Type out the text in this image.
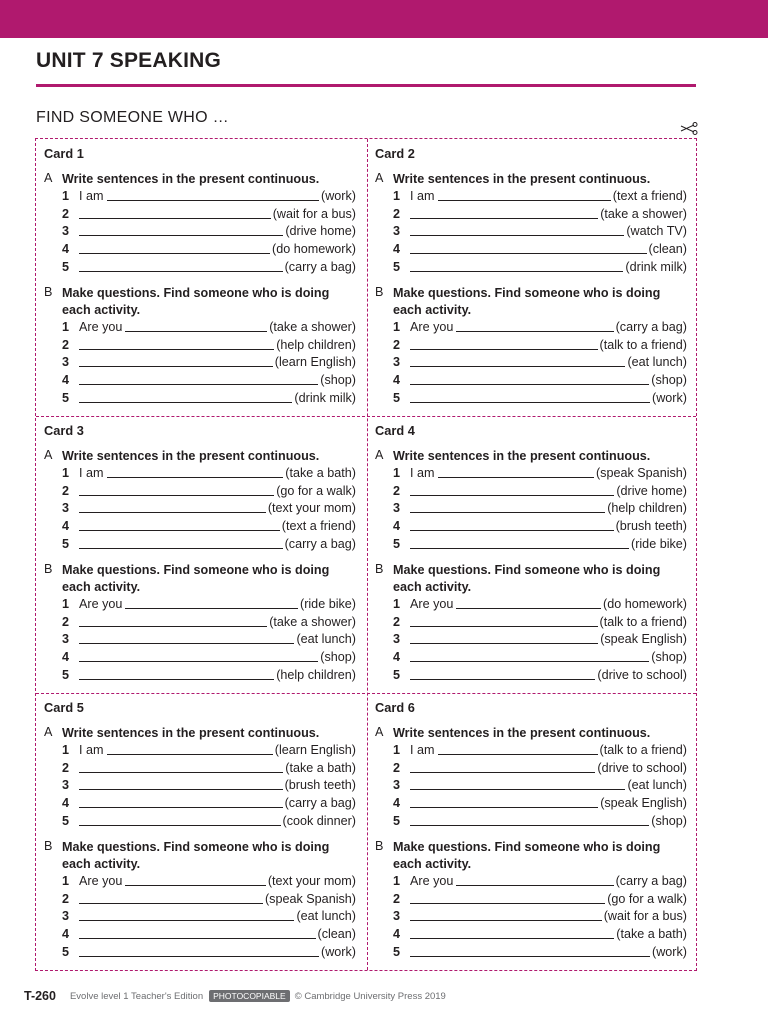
UNIT 7 SPEAKING
FIND SOMEONE WHO …
Card 1
A Write sentences in the present continuous.
1 I am	(work)
2	(wait for a bus)
3	(drive home)
4	(do homework)
5	(carry a bag)
B Make questions. Find someone who is doing
each activity.
1 Are you	(take a shower)
2	(help children)
3	(learn English)
4	(shop)
5	(drink milk)
Card 2
A Write sentences in the present continuous.
1 I am	(text a friend)
2	(take a shower)
3	(watch TV)
4	(clean)
5	(drink milk)
B Make questions. Find someone who is doing
each activity.
1 Are you	(carry a bag)
2	(talk to a friend)
3	(eat lunch)
4	(shop)
5	(work)
Card 3
A Write sentences in the present continuous.
1 I am	(take a bath)
2	(go for a walk)
3	(text your mom)
4	(text a friend)
5	(carry a bag)
B Make questions. Find someone who is doing
each activity.
1 Are you	(ride bike)
2	(take a shower)
3	(eat lunch)
4	(shop)
5	(help children)
Card 4
A Write sentences in the present continuous.
1 I am	(speak Spanish)
2	(drive home)
3	(help children)
4	(brush teeth)
5	(ride bike)
B Make questions. Find someone who is doing
each activity.
1 Are you	(do homework)
2	(talk to a friend)
3	(speak English)
4	(shop)
5	(drive to school)
Card 5
A Write sentences in the present continuous.
1 I am	(learn English)
2	(take a bath)
3	(brush teeth)
4	(carry a bag)
5	(cook dinner)
B Make questions. Find someone who is doing
each activity.
1 Are you	(text your mom)
2	(speak Spanish)
3	(eat lunch)
4	(clean)
5	(work)
Card 6
A Write sentences in the present continuous.
1 I am	(talk to a friend)
2	(drive to school)
3	(eat lunch)
4	(speak English)
5	(shop)
B Make questions. Find someone who is doing
each activity.
1 Are you	(carry a bag)
2	(go for a walk)
3	(wait for a bus)
4	(take a bath)
5	(work)
T-260 Evolve level 1 Teacher's Edition	PHOTOCOPIABLE © Cambridge University Press 2019
